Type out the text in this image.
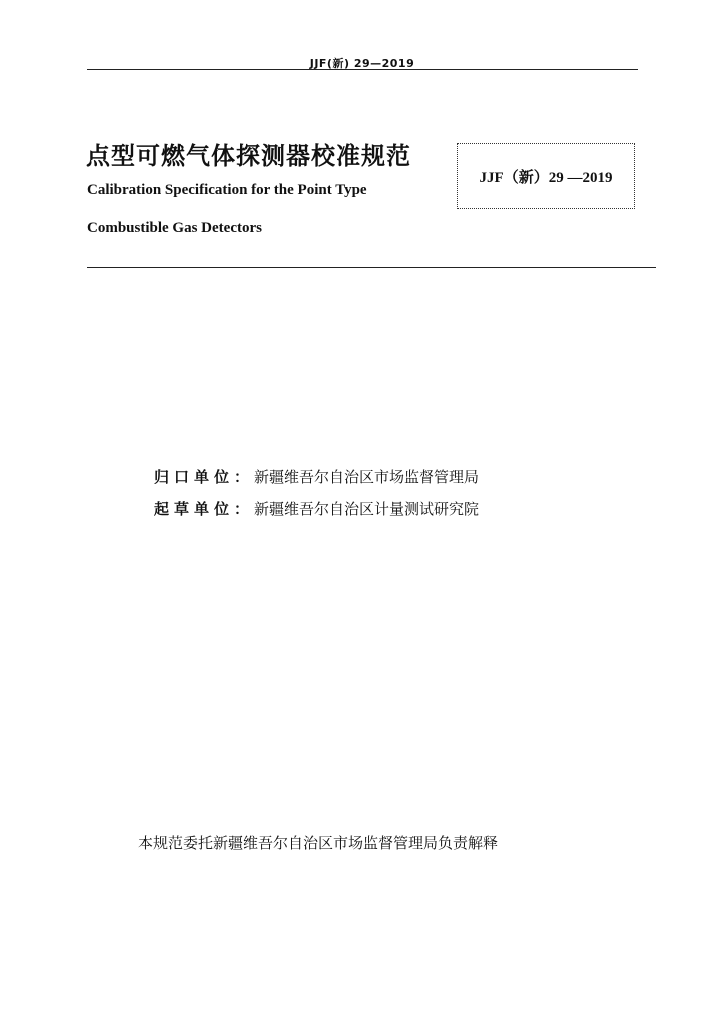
JJF(新) 29—2019
点型可燃气体探测器校准规范
Calibration Specification for the Point Type
Combustible Gas Detectors
JJF（新）29 —2019
归口单位：新疆维吾尔自治区市场监督管理局
起草单位：新疆维吾尔自治区计量测试研究院
本规范委托新疆维吾尔自治区市场监督管理局负责解释
